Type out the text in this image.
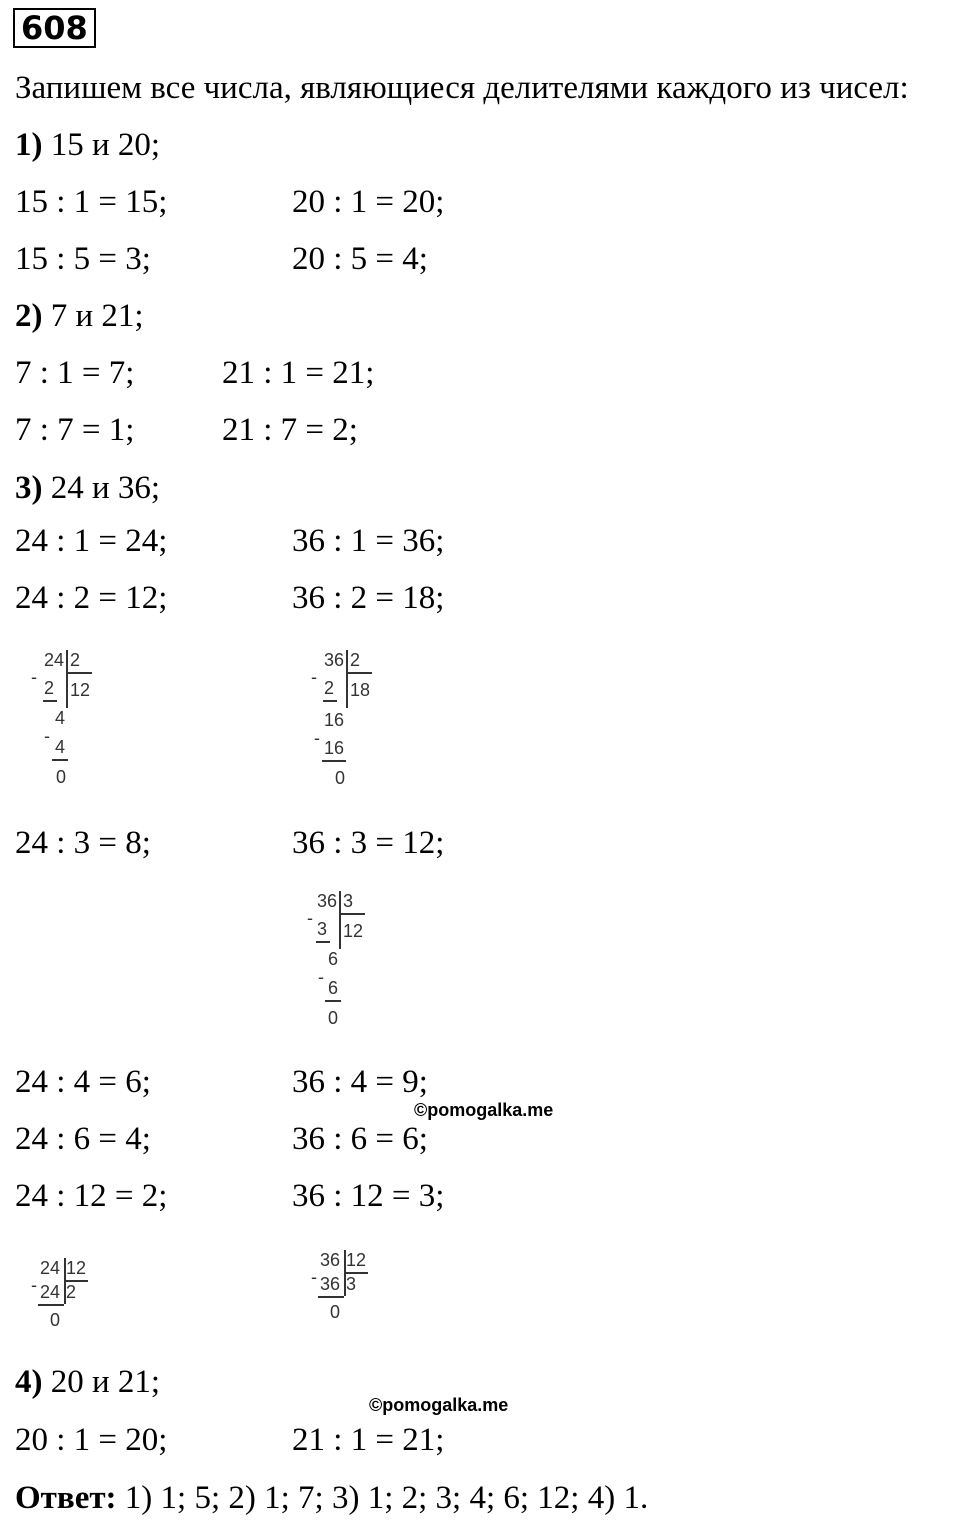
608
Запишем все числа, являющиеся делителями каждого из чисел:
1) 15 и 20;
15 : 1 = 15;	20 : 1 = 20;
15 : 5 = 3;	20 : 5 = 4;
2) 7 и 21;
7 : 1 = 7;	21 : 1 = 21;
7 : 7 = 1;	21 : 7 = 2;
3) 24 и 36;
24 : 1 = 24;	36 : 1 = 36;
24 : 2 = 12;	36 : 2 = 18;
24 2
-
2 12
4
-
4
0
36 2
-
2 18
16
- 16
0
24 : 3 = 8;	36 : 3 = 12;
36 3
-
3 12
6
-
6
0
24 : 4 = 6;	36 : 4 = 9;
©pomogalka.me
24 : 6 = 4;	36 : 6 = 6;
24 : 12 = 2;	36 : 12 = 3;
24 12
- 24 2
0
36 12
- 36 3
0
4) 20 и 21;
©pomogalka.me
20 : 1 = 20;	21 : 1 = 21;
Ответ: 1) 1; 5; 2) 1; 7; 3) 1; 2; 3; 4; 6; 12; 4) 1.
